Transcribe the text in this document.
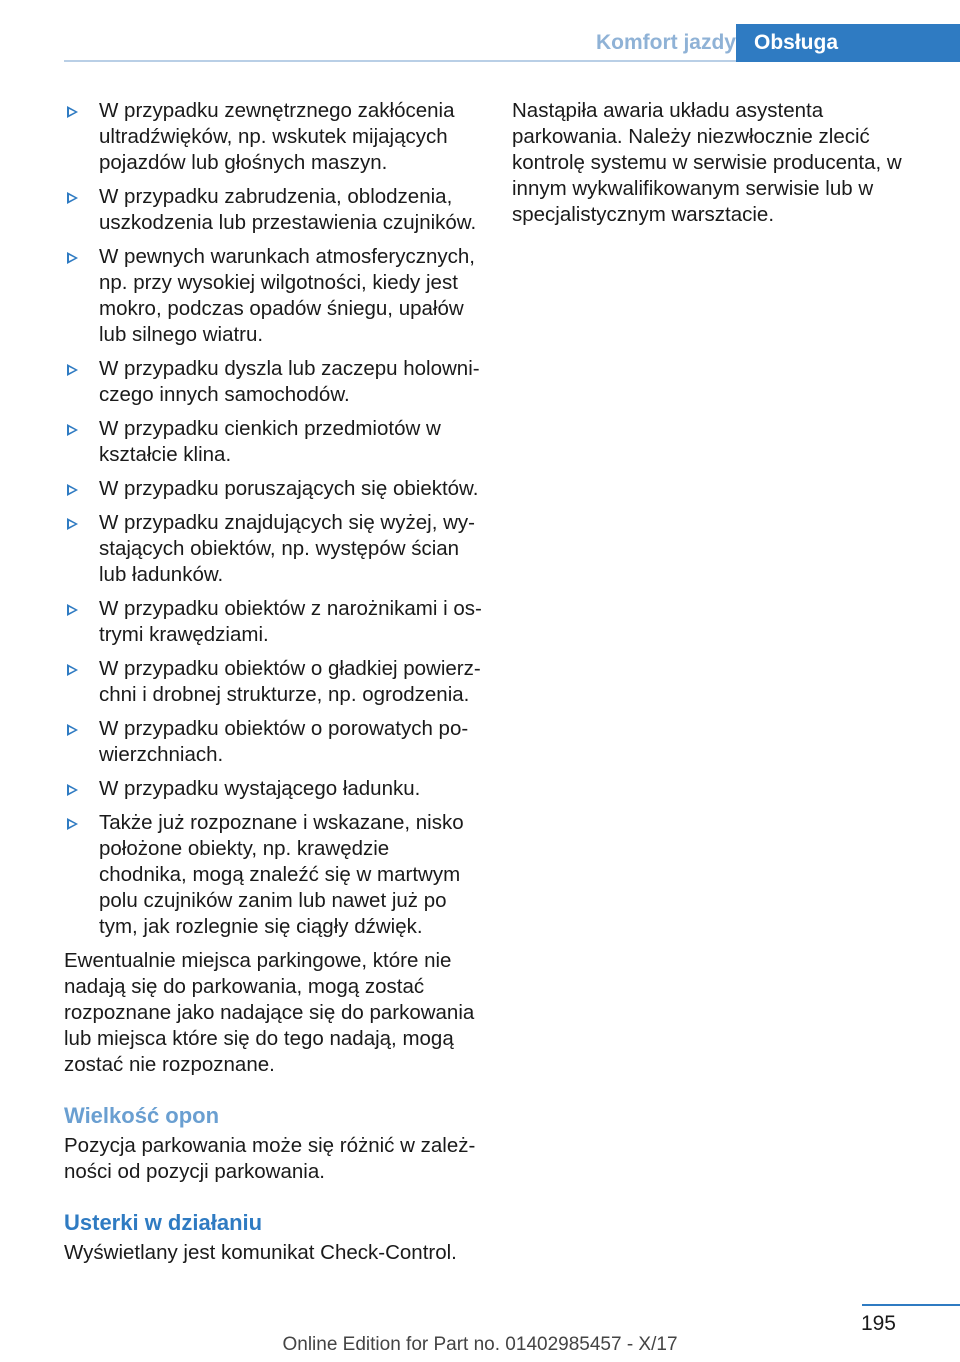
Komfort jazdy Obsługa
W przypadku zewnętrznego zakłócenia ultradźwięków, np. wskutek mijających pojazdów lub głośnych maszyn.
W przypadku zabrudzenia, oblodzenia, uszkodzenia lub przestawienia czujników.
W pewnych warunkach atmosferycznych, np. przy wysokiej wilgotności, kiedy jest mokro, podczas opadów śniegu, upałów lub silnego wiatru.
W przypadku dyszla lub zaczepu holowniczego innych samochodów.
W przypadku cienkich przedmiotów w kształcie klina.
W przypadku poruszających się obiektów.
W przypadku znajdujących się wyżej, wystających obiektów, np. występów ścian lub ładunków.
W przypadku obiektów z narożnikami i ostrymi krawędziami.
W przypadku obiektów o gładkiej powierzchni i drobnej strukturze, np. ogrodzenia.
W przypadku obiektów o porowatych powierzchniach.
W przypadku wystającego ładunku.
Także już rozpoznane i wskazane, nisko położone obiekty, np. krawędzie chodnika, mogą znaleźć się w martwym polu czujników zanim lub nawet już po tym, jak rozlegnie się ciągły dźwięk.

Ewentualnie miejsca parkingowe, które nie nadają się do parkowania, mogą zostać rozpoznane jako nadające się do parkowania lub miejsca które się do tego nadają, mogą zostać nie rozpoznane.

Wielkość opon

Pozycja parkowania może się różnić w zależności od pozycji parkowania.

Usterki w działaniu

Wyświetlany jest komunikat Check-Control.

Nastąpiła awaria układu asystenta parkowania. Należy niezwłocznie zlecić kontrolę systemu w serwisie producenta, w innym wykwalifikowanym serwisie lub w specjalistycznym warsztacie.

195
Online Edition for Part no. 01402985457 - X/17
